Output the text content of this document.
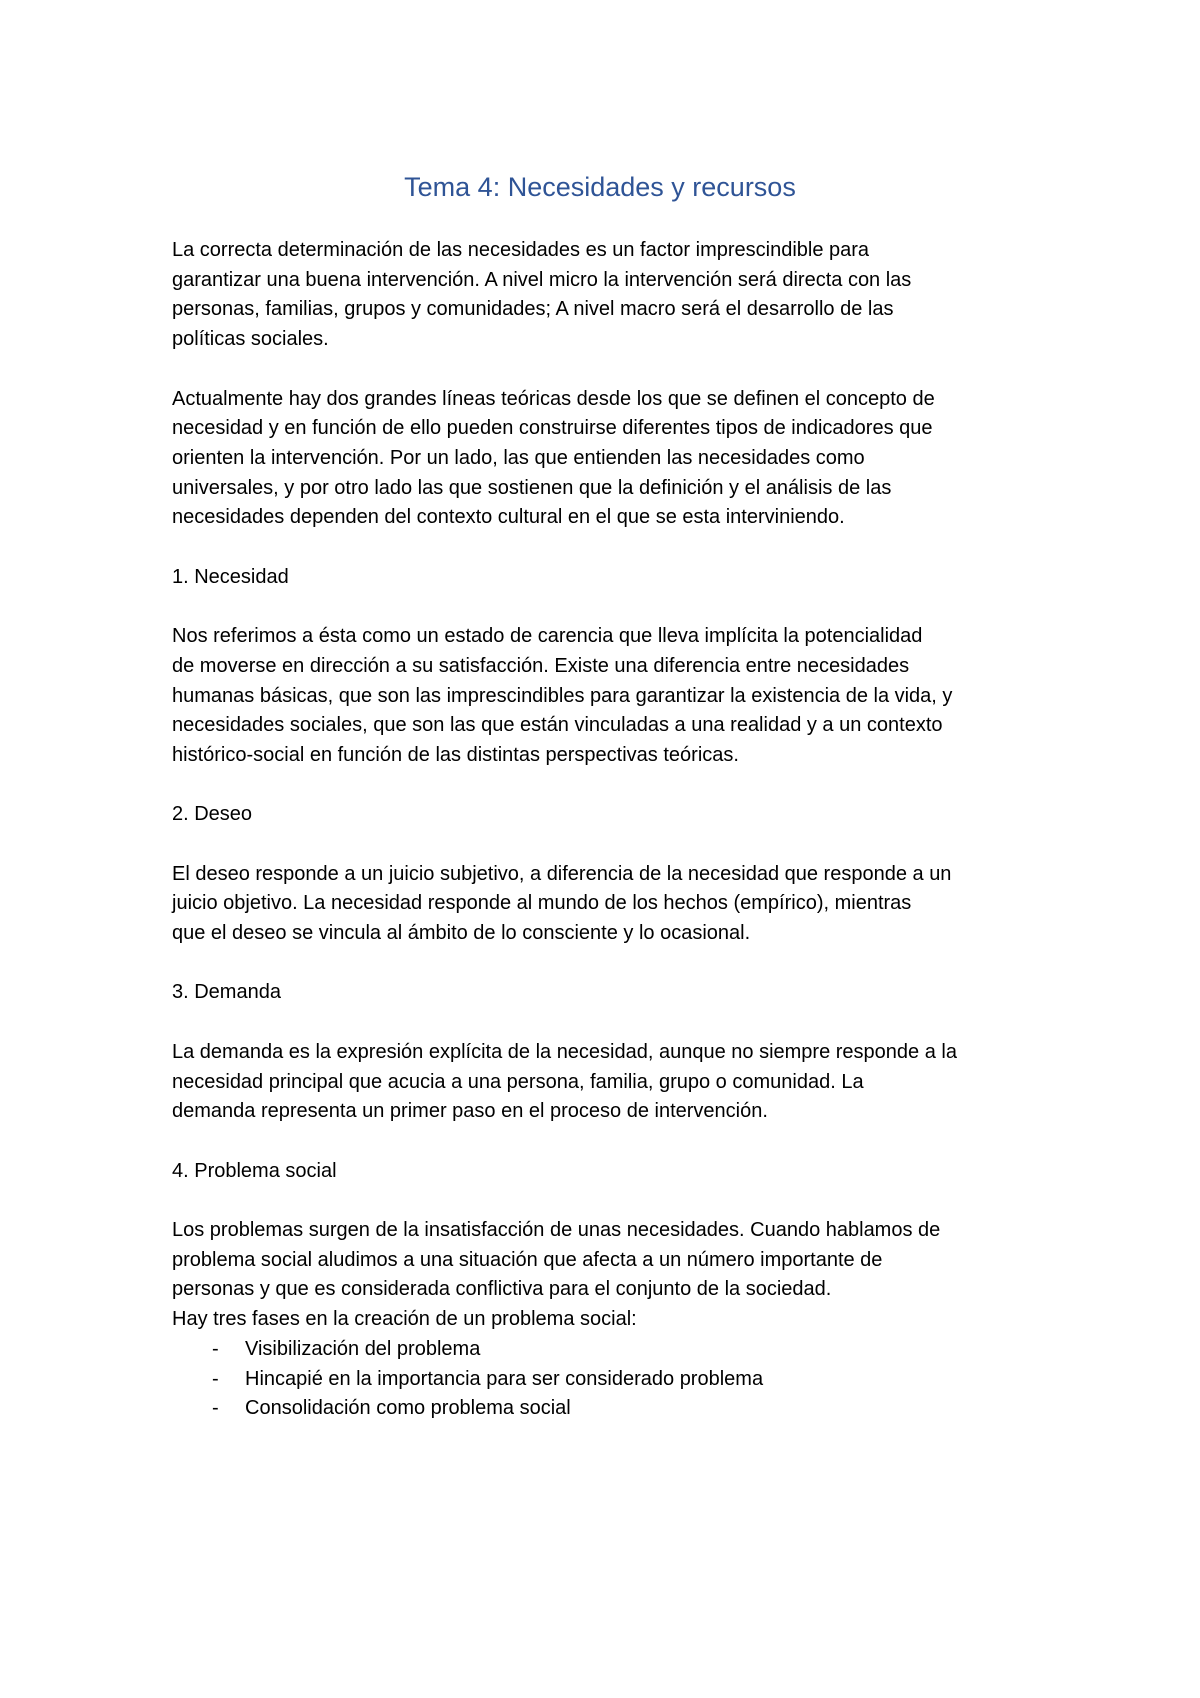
Tema 4: Necesidades y recursos

La correcta determinación de las necesidades es un factor imprescindible para
garantizar una buena intervención. A nivel micro la intervención será directa con las
personas, familias, grupos y comunidades; A nivel macro será el desarrollo de las
políticas sociales.

Actualmente hay dos grandes líneas teóricas desde los que se definen el concepto de
necesidad y en función de ello pueden construirse diferentes tipos de indicadores que
orienten la intervención. Por un lado, las que entienden las necesidades como
universales, y por otro lado las que sostienen que la definición y el análisis de las
necesidades dependen del contexto cultural en el que se esta interviniendo.

1. Necesidad

Nos referimos a ésta como un estado de carencia que lleva implícita la potencialidad
de moverse en dirección a su satisfacción. Existe una diferencia entre necesidades
humanas básicas, que son las imprescindibles para garantizar la existencia de la vida, y
necesidades sociales, que son las que están vinculadas a una realidad y a un contexto
histórico-social en función de las distintas perspectivas teóricas.

2. Deseo

El deseo responde a un juicio subjetivo, a diferencia de la necesidad que responde a un
juicio objetivo. La necesidad responde al mundo de los hechos (empírico), mientras
que el deseo se vincula al ámbito de lo consciente y lo ocasional.

3. Demanda

La demanda es la expresión explícita de la necesidad, aunque no siempre responde a la
necesidad principal que acucia a una persona, familia, grupo o comunidad. La
demanda representa un primer paso en el proceso de intervención.

4. Problema social

Los problemas surgen de la insatisfacción de unas necesidades. Cuando hablamos de
problema social aludimos a una situación que afecta a un número importante de
personas y que es considerada conflictiva para el conjunto de la sociedad.
Hay tres fases en la creación de un problema social:

- Visibilización del problema
- Hincapié en la importancia para ser considerado problema
- Consolidación como problema social
